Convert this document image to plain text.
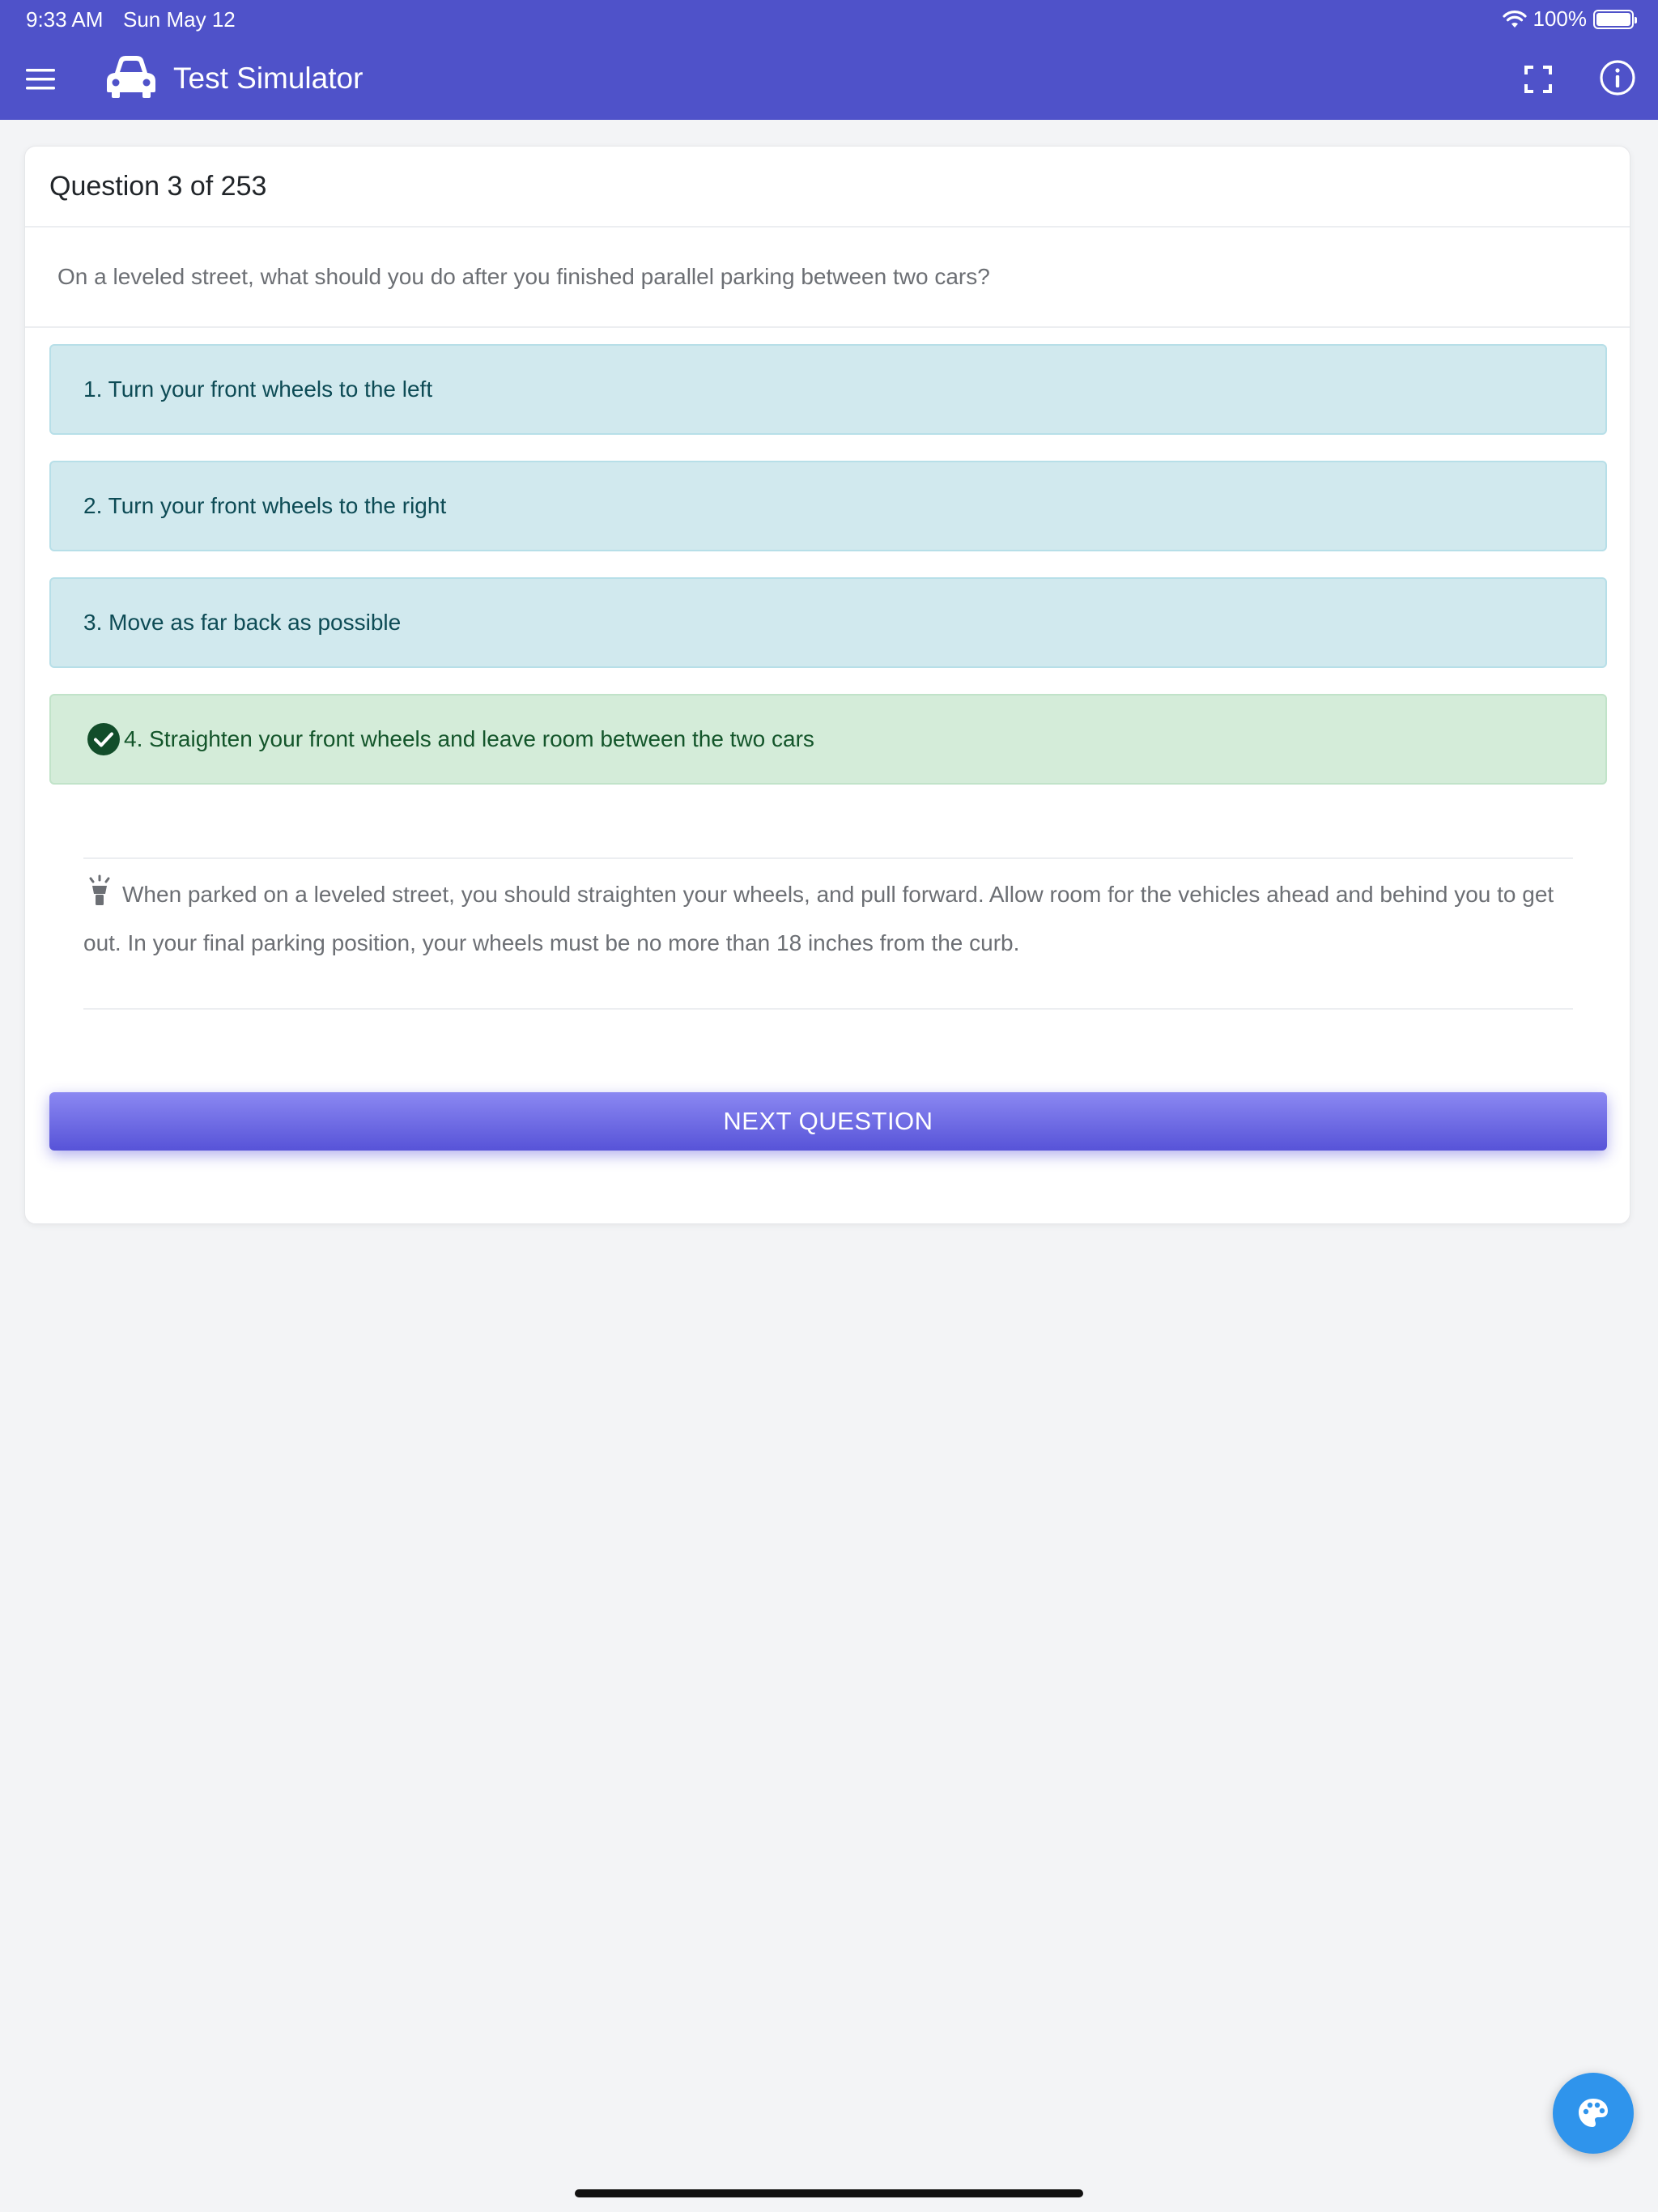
9:33 AM Sun May 12	100%
Test Simulator
Question 3 of 253
On a leveled street, what should you do after you finished parallel parking between two cars?
1. Turn your front wheels to the left
2. Turn your front wheels to the right
3. Move as far back as possible
4. Straighten your front wheels and leave room between the two cars
When parked on a leveled street, you should straighten your wheels, and pull forward. Allow room for the vehicles ahead and behind you to get out. In your final parking position, your wheels must be no more than 18 inches from the curb.
NEXT QUESTION
